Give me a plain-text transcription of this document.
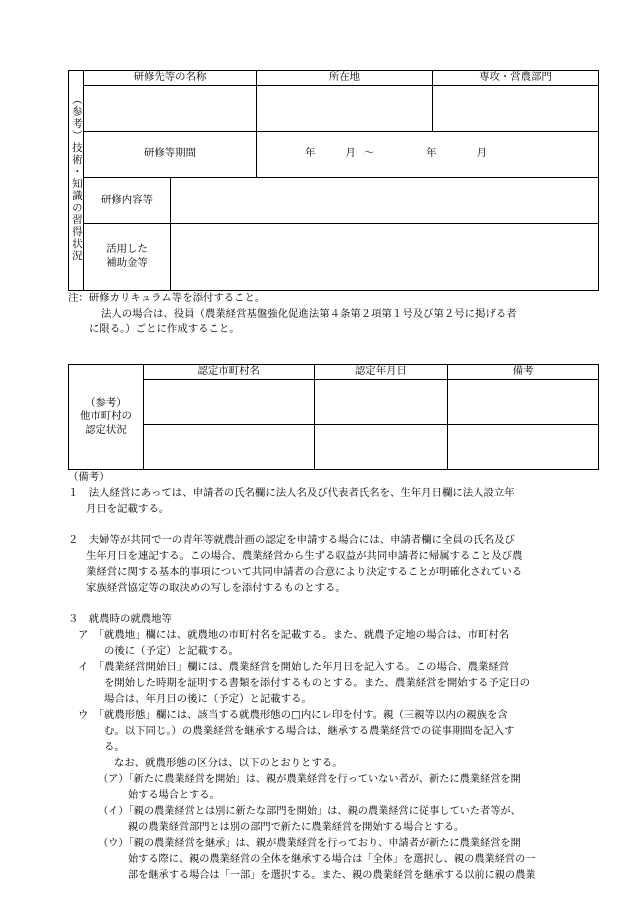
（参考）技術・知識の習得状況	研修先等の名称		所在地	専攻・営農部門

	研修等期間		年 月 ～ 年 月	
	研修内容等			

	活用した
補助金等			

注：研修カリキュラム等を添付すること。
法人の場合は、役員（農業経営基盤強化促進法第４条第２項第１号及び第２号に掲げる者
に限る。）ごとに作成すること。
（参考）
他市町村の
認定状況	認定市町村名	認定年月日	備考

（備考）
１　法人経営にあっては、申請者の氏名欄に法人名及び代表者氏名を、生年月日欄に法人設立年
月日を記載する。
２　夫婦等が共同で一の青年等就農計画の認定を申請する場合には、申請者欄に全員の氏名及び
生年月日を連記する。この場合、農業経営から生ずる収益が共同申請者に帰属すること及び農
業経営に関する基本的事項について共同申請者の合意により決定することが明確化されている
家族経営協定等の取決めの写しを添付するものとする。
３　就農時の就農地等
ア　「就農地」欄には、就農地の市町村名を記載する。また、就農予定地の場合は、市町村名
の後に（予定）と記載する。
イ　「農業経営開始日」欄には、農業経営を開始した年月日を記入する。この場合、農業経営
を開始した時期を証明する書類を添付するものとする。また、農業経営を開始する予定日の
場合は、年月日の後に（予定）と記載する。
ウ　「就農形態」欄には、該当する就農形態の□内にレ印を付す。親（三親等以内の親族を含
む。以下同じ。）の農業経営を継承する場合は、継承する農業経営での従事期間を記入す
る。
なお、就農形態の区分は、以下のとおりとする。
（ア）「新たに農業経営を開始」は、親が農業経営を行っていない者が、新たに農業経営を開
始する場合とする。
（イ）「親の農業経営とは別に新たな部門を開始」は、親の農業経営に従事していた者等が、
親の農業経営部門とは別の部門で新たに農業経営を開始する場合とする。
（ウ）「親の農業経営を継承」は、親が農業経営を行っており、申請者が新たに農業経営を開
始する際に、親の農業経営の全体を継承する場合は「全体」を選択し、親の農業経営の一
部を継承する場合は「一部」を選択する。また、親の農業経営を継承する以前に親の農業
